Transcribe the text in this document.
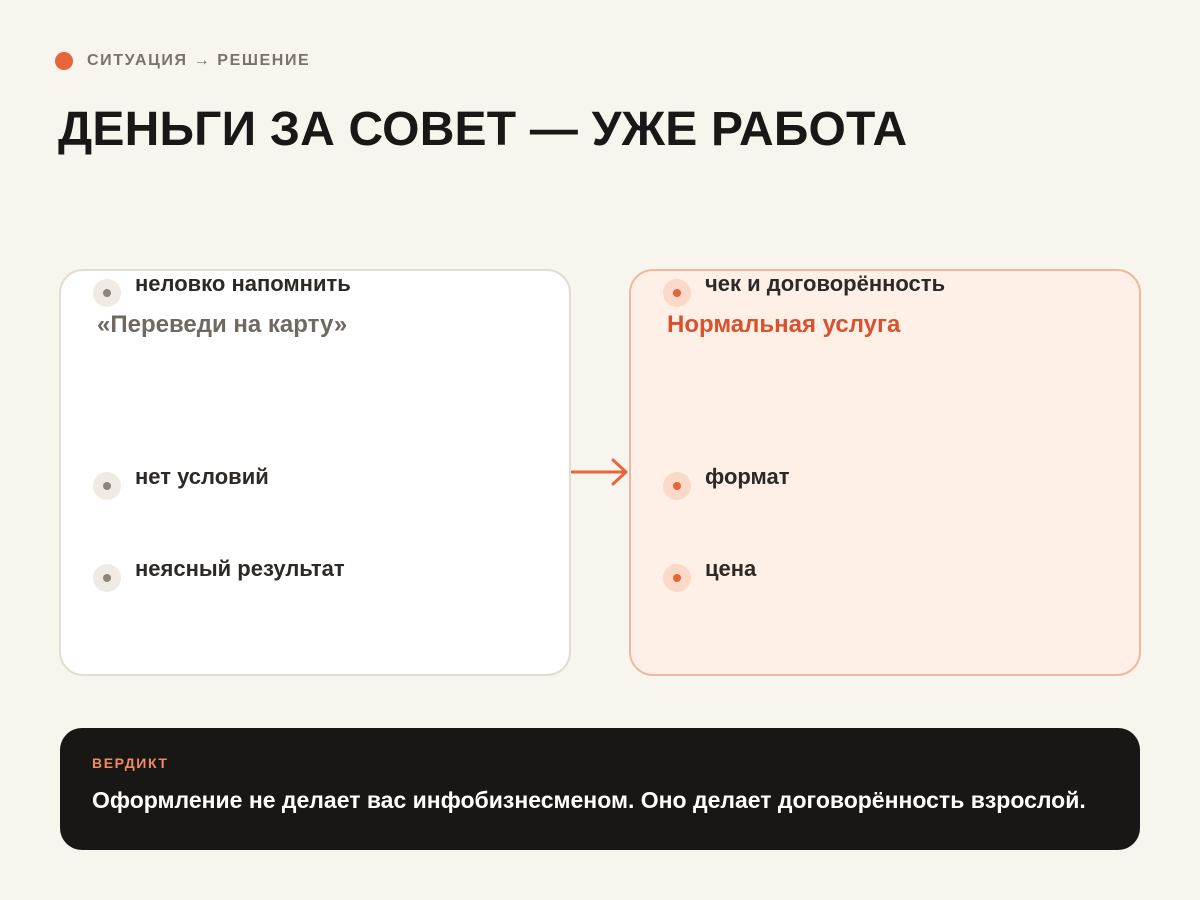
СИТУАЦИЯ → РЕШЕНИЕ
ДЕНЬГИ ЗА СОВЕТ — УЖЕ РАБОТА
«Переведи на карту»
нет условий
неясный результат
неловко напомнить
Нормальная услуга
формат
цена
чек и договорённость
ВЕРДИКТ
Оформление не делает вас инфобизнесменом. Оно делает договорённость взрослой.
